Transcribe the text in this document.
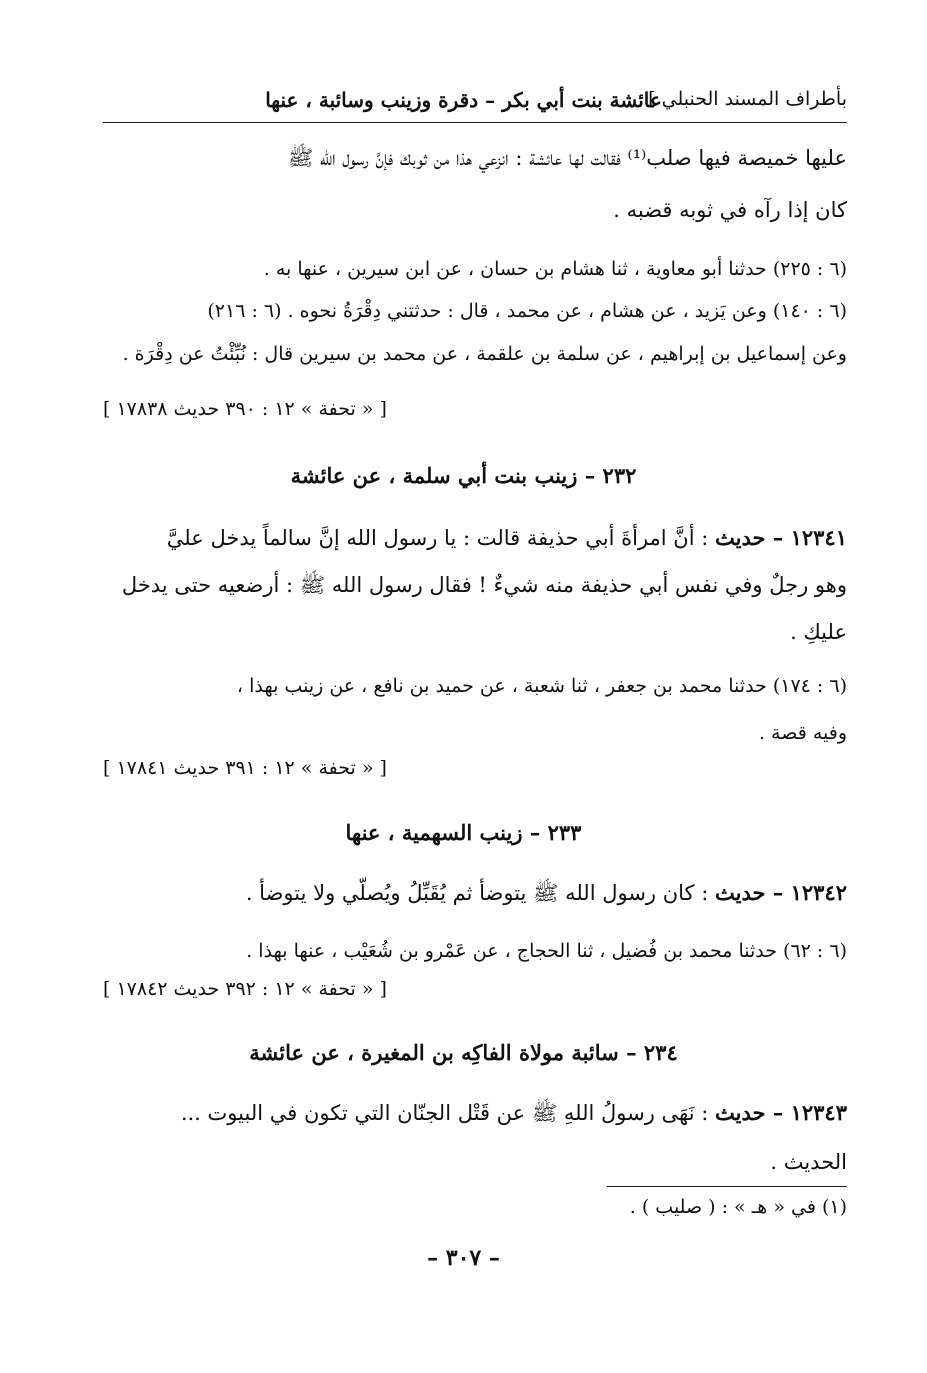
بأطراف المسند الحنبلي ]
عائشة بنت أبي بكر – دقرة وزينب وسائبة ، عنها
عليها خميصة فيها صلب⁽¹⁾ فقالت لها عائشة : انزعي هذا من ثوبك فإنَّ رسول الله ﷺ
كان إذا رآه في ثوبه قضبه .
(٦ : ٢٢٥) حدثنا أبو معاوية ، ثنا هشام بن حسان ، عن ابن سيرين ، عنها به .
(٦ : ١٤٠) وعن يَزيد ، عن هشام ، عن محمد ، قال : حدثتني دِقْرَةُ نحوه . (٦ : ٢١٦)
وعن إسماعيل بن إبراهيم ، عن سلمة بن علقمة ، عن محمد بن سيرين قال : نُبِّئْتُ عن دِقْرَة .
[ « تحفة » ١٢ : ٣٩٠ حديث ١٧٨٣٨ ]
٢٣٢ – زينب بنت أبي سلمة ، عن عائشة
١٢٣٤١ – حديث : أنَّ امرأةَ أبي حذيفة قالت : يا رسول الله إنَّ سالماً يدخل عليَّ
وهو رجلٌ وفي نفس أبي حذيفة منه شيءٌ ! فقال رسول الله ﷺ : أرضعيه حتى يدخل
عليكِ .
(٦ : ١٧٤) حدثنا محمد بن جعفر ، ثنا شعبة ، عن حميد بن نافع ، عن زينب بهذا ،
وفيه قصة .
[ « تحفة » ١٢ : ٣٩١ حديث ١٧٨٤١ ]
٢٣٣ – زينب السهمية ، عنها
١٢٣٤٢ – حديث : كان رسول الله ﷺ يتوضأ ثم يُقَبِّلُ ويُصلّي ولا يتوضأ .
(٦ : ٦٢) حدثنا محمد بن فُضيل ، ثنا الحجاج ، عن عَمْرو بن شُعَيْب ، عنها بهذا .
[ « تحفة » ١٢ : ٣٩٢ حديث ١٧٨٤٢ ]
٢٣٤ – سائبة مولاة الفاكِه بن المغيرة ، عن عائشة
١٢٣٤٣ – حديث : نَهَى رسولُ اللهِ ﷺ عن قَتْل الجنّان التي تكون في البيوت ...
الحديث .
(١) في « هـ » : ( صليب ) .
– ٣٠٧ –
